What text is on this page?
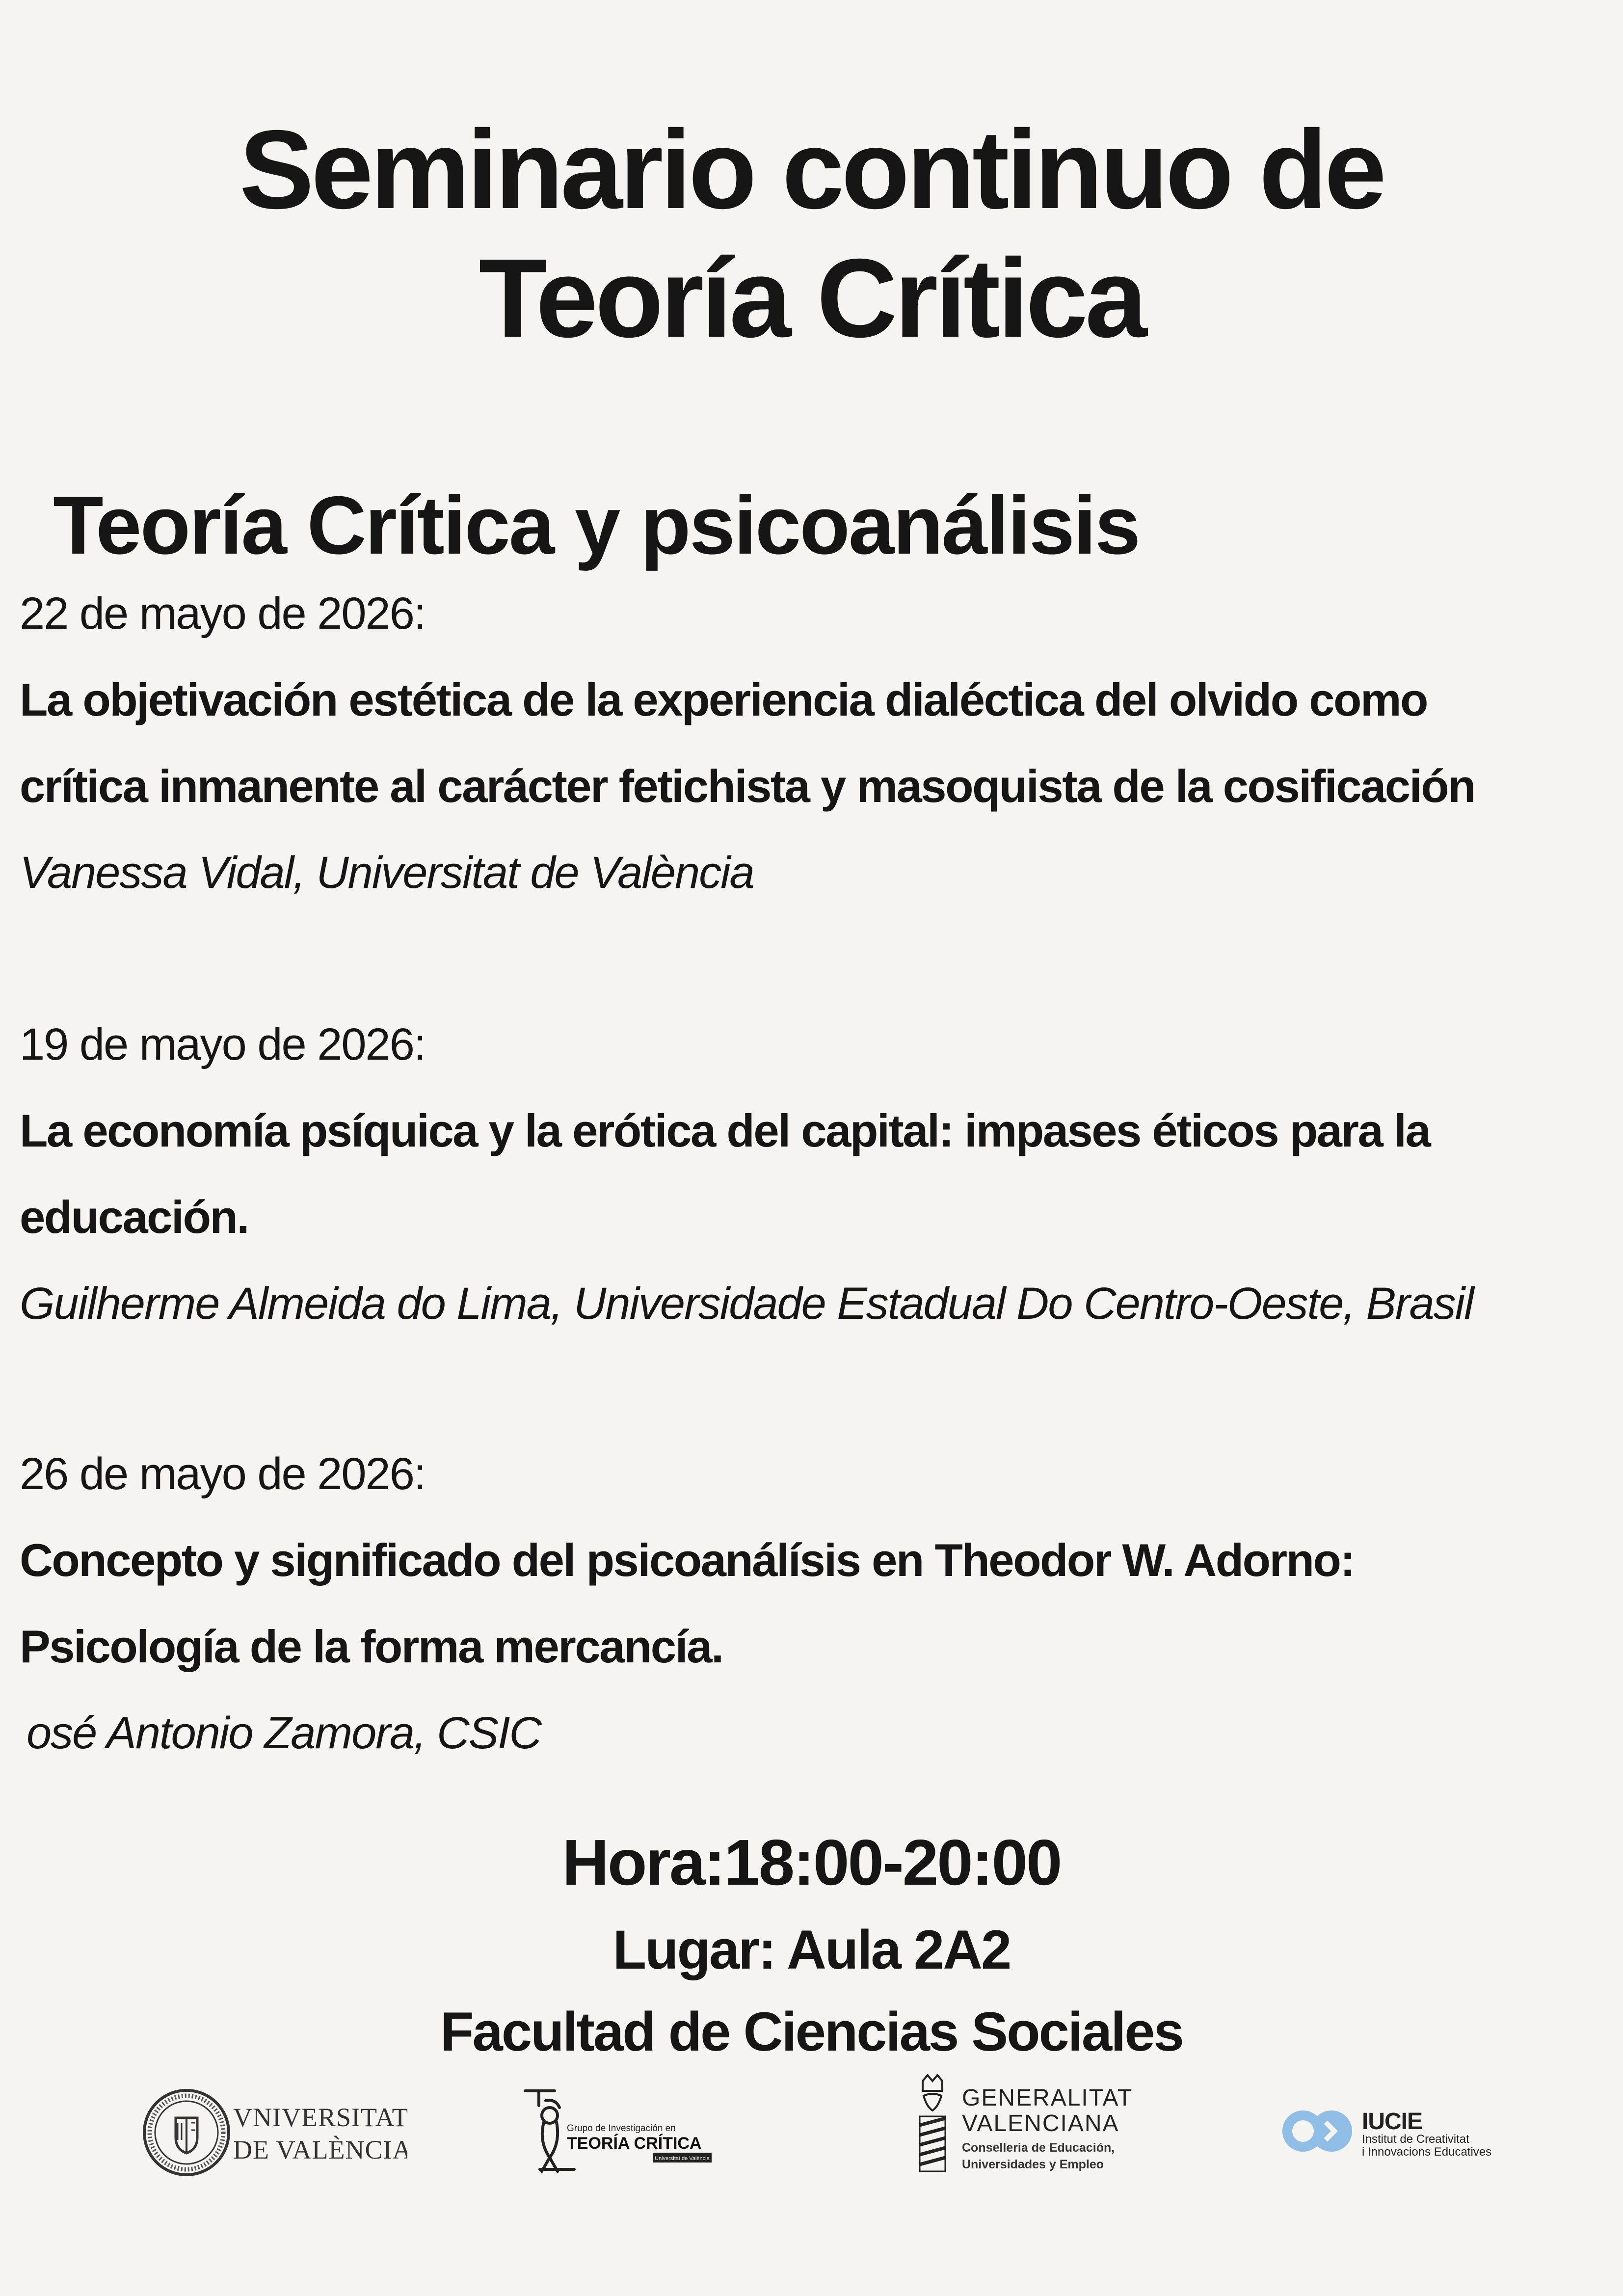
Seminario continuo de
Teoría Crítica
Teoría Crítica y psicoanálisis
22 de mayo de 2026:
La objetivación estética de la experiencia dialéctica del olvido como
crítica inmanente al carácter fetichista y masoquista de la cosificación
Vanessa Vidal, Universitat de València
19 de mayo de 2026:
La economía psíquica y la erótica del capital: impases éticos para la
educación.
Guilherme Almeida do Lima, Universidade Estadual Do Centro-Oeste, Brasil
26 de mayo de 2026:
Concepto y significado del psicoanálísis en Theodor W. Adorno:
Psicología de la forma mercancía.
osé Antonio Zamora, CSIC
Hora:18:00-20:00
Lugar: Aula 2A2
Facultad de Ciencias Sociales
VNIVERSITAT
DE VALÈNCIA
Grupo de Investigación en
TEORÍA CRÍTICA
Universitat de València
GENERALITAT
VALENCIANA
Conselleria de Educación,
Universidades y Empleo
IUCIE
Institut de Creativitat
i Innovacions Educatives
